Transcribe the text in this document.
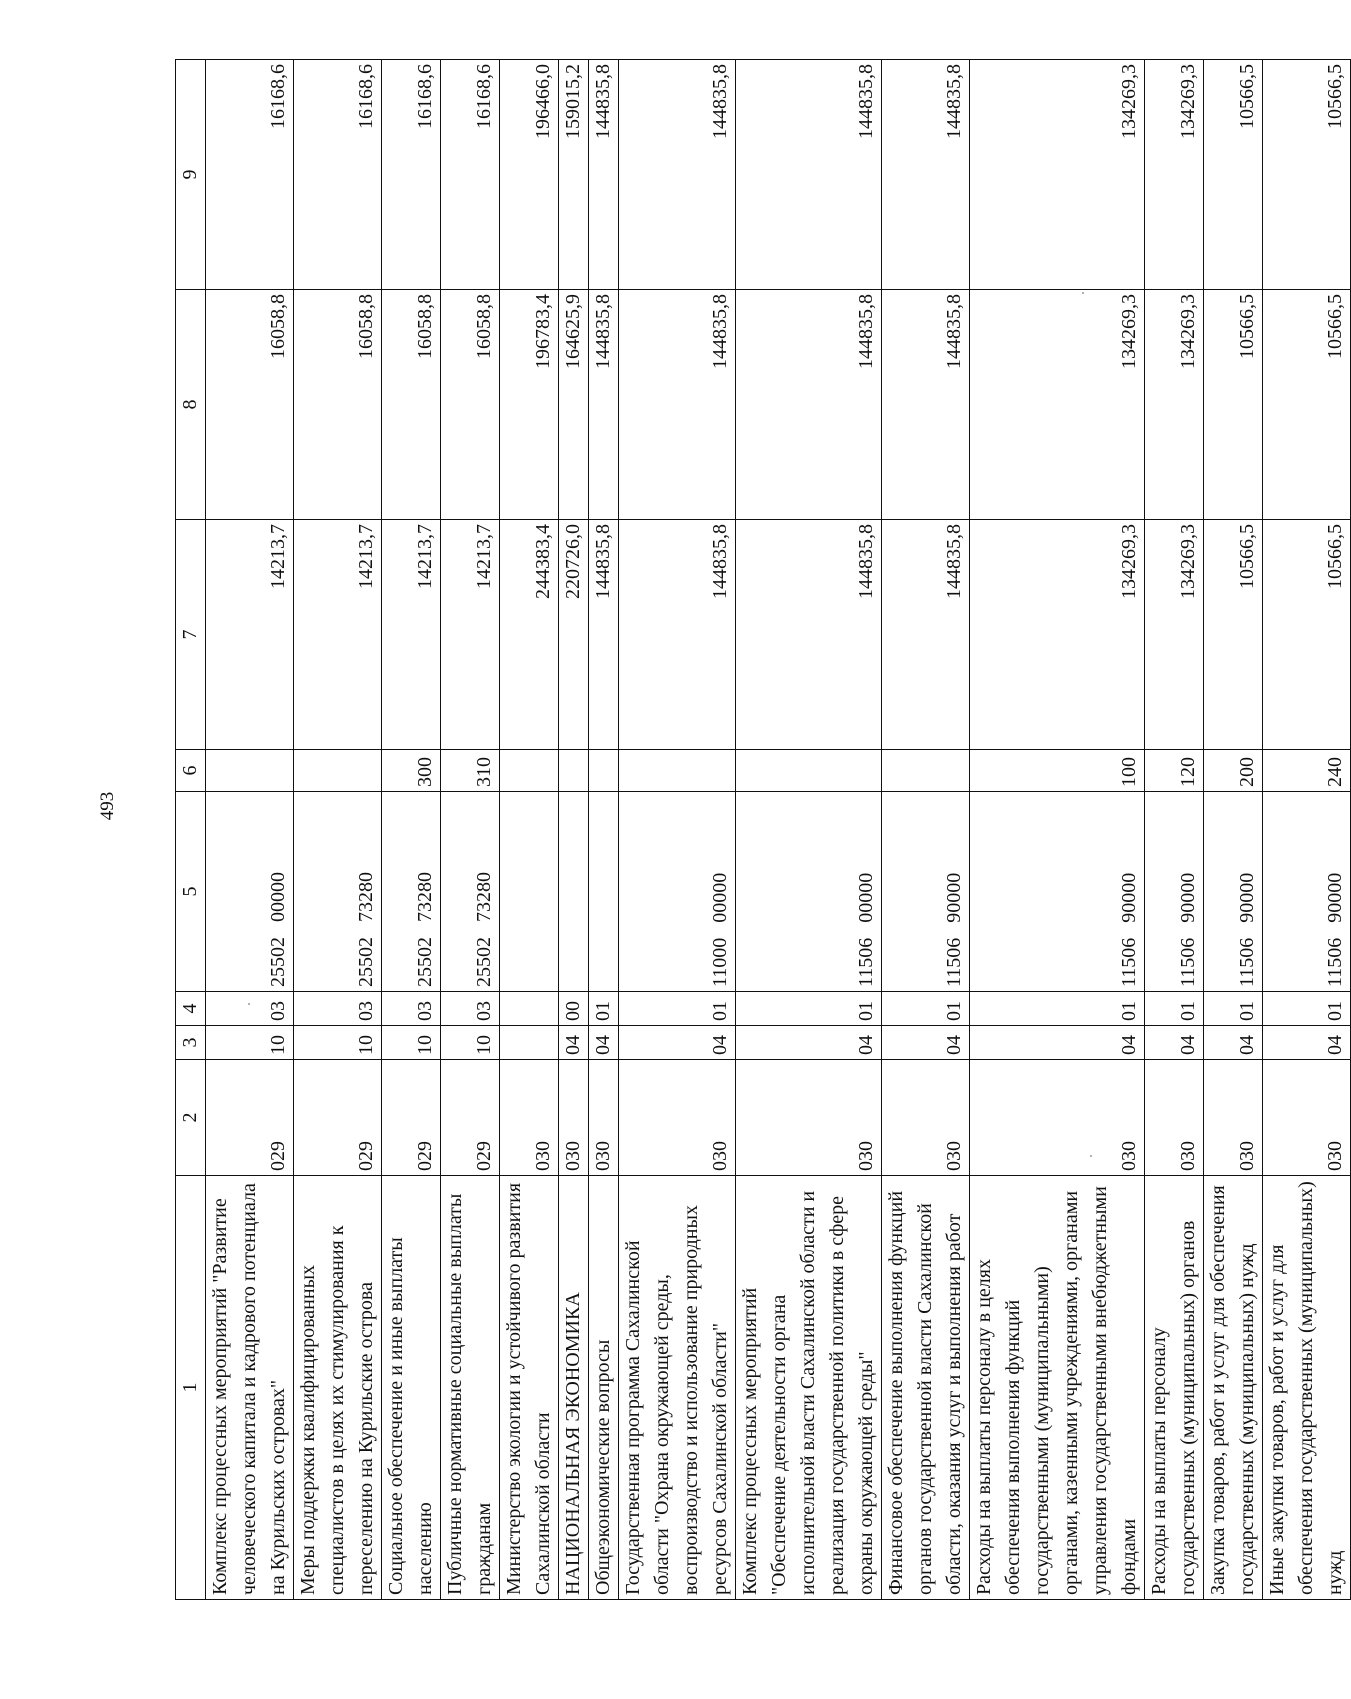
493
1	2	3	4	5	6	7	8	9
Комплекс процессных мероприятий "Развитие человеческого капитала и кадрового потенциала на Курильских островах"	029	10	03	25502   00000		14213,7	16058,8	16168,6
Меры поддержки квалифицированных специалистов в целях их стимулирования к переселению на Курильские острова	029	10	03	25502   73280		14213,7	16058,8	16168,6
Социальное обеспечение и иные выплаты населению	029	10	03	25502   73280	300	14213,7	16058,8	16168,6
Публичные нормативные социальные выплаты гражданам	029	10	03	25502   73280	310	14213,7	16058,8	16168,6
Министерство экологии и устойчивого развития Сахалинской области	030					244383,4	196783,4	196466,0
НАЦИОНАЛЬНАЯ ЭКОНОМИКА	030	04	00			220726,0	164625,9	159015,2
Общеэкономические вопросы	030	04	01			144835,8	144835,8	144835,8
Государственная программа Сахалинской области "Охрана окружающей среды, воспроизводство и использование природных ресурсов Сахалинской области"	030	04	01	11000   00000		144835,8	144835,8	144835,8
Комплекс процессных мероприятий "Обеспечение деятельности органа исполнительной власти Сахалинской области и реализация государственной политики в сфере охраны окружающей среды"	030	04	01	11506   00000		144835,8	144835,8	144835,8
Финансовое обеспечение выполнения функций органов государственной власти Сахалинской области, оказания услуг и выполнения работ	030	04	01	11506   90000		144835,8	144835,8	144835,8
Расходы на выплаты персоналу в целях обеспечения выполнения функций государственными (муниципальными) органами, казенными учреждениями, органами управления государственными внебюджетными фондами	030	04	01	11506   90000	100	134269,3	134269,3	134269,3
Расходы на выплаты персоналу государственных (муниципальных) органов	030	04	01	11506   90000	120	134269,3	134269,3	134269,3
Закупка товаров, работ и услуг для обеспечения государственных (муниципальных) нужд	030	04	01	11506   90000	200	10566,5	10566,5	10566,5
Иные закупки товаров, работ и услуг для обеспечения государственных (муниципальных) нужд	030	04	01	11506   90000	240	10566,5	10566,5	10566,5
